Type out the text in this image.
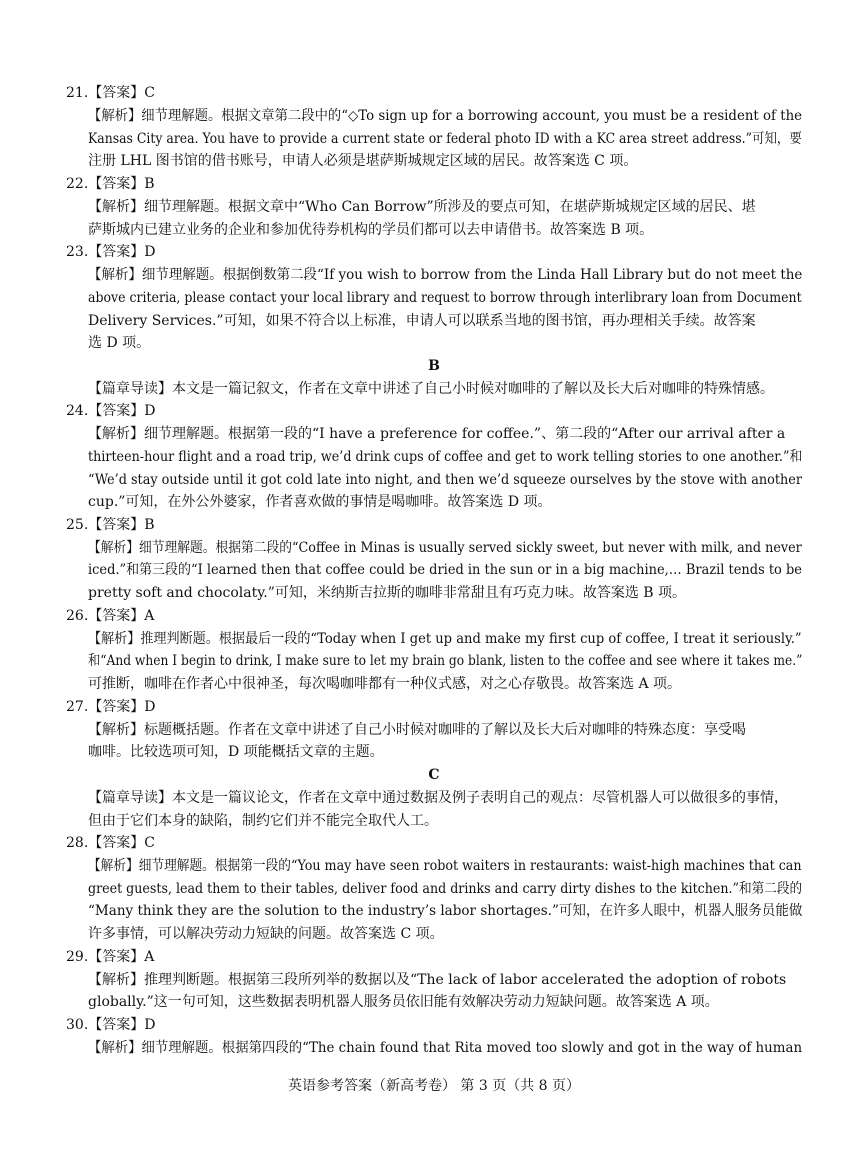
21.【答案】C
【解析】细节理解题。根据文章第二段中的“◇To sign up for a borrowing account, you must be a resident of the
Kansas City area. You have to provide a current state or federal photo ID with a KC area street address.”可知，要
注册 LHL 图书馆的借书账号，申请人必须是堪萨斯城规定区域的居民。故答案选 C 项。
22.【答案】B
【解析】细节理解题。根据文章中“Who Can Borrow”所涉及的要点可知，在堪萨斯城规定区域的居民、堪
萨斯城内已建立业务的企业和参加优待券机构的学员们都可以去申请借书。故答案选 B 项。
23.【答案】D
【解析】细节理解题。根据倒数第二段“If you wish to borrow from the Linda Hall Library but do not meet the
above criteria, please contact your local library and request to borrow through interlibrary loan from Document
Delivery Services.”可知，如果不符合以上标准，申请人可以联系当地的图书馆，再办理相关手续。故答案
选 D 项。
B
【篇章导读】本文是一篇记叙文，作者在文章中讲述了自己小时候对咖啡的了解以及长大后对咖啡的特殊情感。
24.【答案】D
【解析】细节理解题。根据第一段的“I have a preference for coffee.”、第二段的“After our arrival after a
thirteen-hour flight and a road trip, we’d drink cups of coffee and get to work telling stories to one another.”和
“We’d stay outside until it got cold late into night, and then we’d squeeze ourselves by the stove with another
cup.”可知，在外公外婆家，作者喜欢做的事情是喝咖啡。故答案选 D 项。
25.【答案】B
【解析】细节理解题。根据第二段的“Coffee in Minas is usually served sickly sweet, but never with milk, and never
iced.”和第三段的“I learned then that coffee could be dried in the sun or in a big machine,… Brazil tends to be
pretty soft and chocolaty.”可知，米纳斯吉拉斯的咖啡非常甜且有巧克力味。故答案选 B 项。
26.【答案】A
【解析】推理判断题。根据最后一段的“Today when I get up and make my first cup of coffee, I treat it seriously.”
和“And when I begin to drink, I make sure to let my brain go blank, listen to the coffee and see where it takes me.”
可推断，咖啡在作者心中很神圣，每次喝咖啡都有一种仪式感，对之心存敬畏。故答案选 A 项。
27.【答案】D
【解析】标题概括题。作者在文章中讲述了自己小时候对咖啡的了解以及长大后对咖啡的特殊态度：享受喝
咖啡。比较选项可知，D 项能概括文章的主题。
C
【篇章导读】本文是一篇议论文，作者在文章中通过数据及例子表明自己的观点：尽管机器人可以做很多的事情，
但由于它们本身的缺陷，制约它们并不能完全取代人工。
28.【答案】C
【解析】细节理解题。根据第一段的“You may have seen robot waiters in restaurants: waist-high machines that can
greet guests, lead them to their tables, deliver food and drinks and carry dirty dishes to the kitchen.”和第二段的
“Many think they are the solution to the industry’s labor shortages.”可知，在许多人眼中，机器人服务员能做
许多事情，可以解决劳动力短缺的问题。故答案选 C 项。
29.【答案】A
【解析】推理判断题。根据第三段所列举的数据以及“The lack of labor accelerated the adoption of robots
globally.”这一句可知，这些数据表明机器人服务员依旧能有效解决劳动力短缺问题。故答案选 A 项。
30.【答案】D
【解析】细节理解题。根据第四段的“The chain found that Rita moved too slowly and got in the way of human
英语参考答案（新高考卷） 第 3 页（共 8 页）
